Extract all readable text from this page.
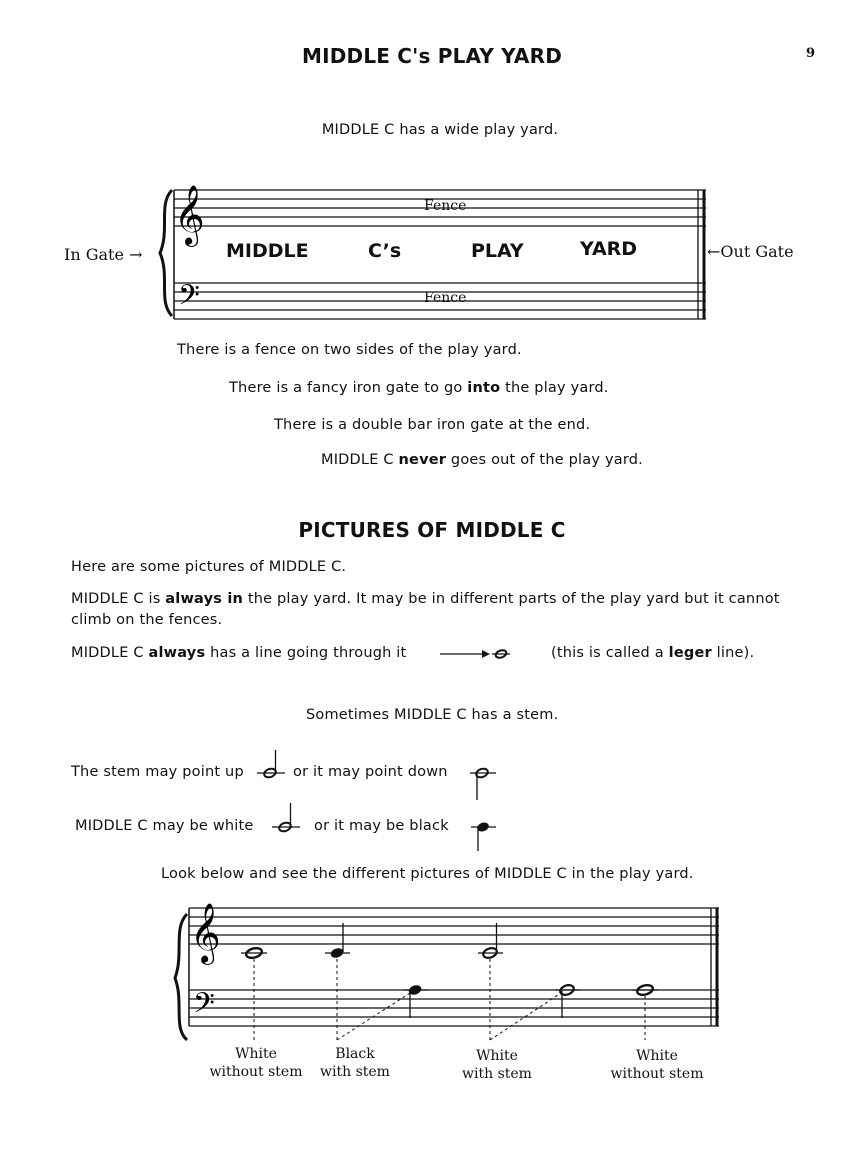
MIDDLE C's PLAY YARD	9
MIDDLE C has a wide play yard.
𝄞
𝄢
In Gate →	←Out Gate
Fence
Fence
MIDDLE	C’s	PLAY	YARD
There is a fence on two sides of the play yard.
There is a fancy iron gate to go into the play yard.
There is a double bar iron gate at the end.
MIDDLE C never goes out of the play yard.
PICTURES OF MIDDLE C
Here are some pictures of MIDDLE C.
MIDDLE C is always in the play yard. It may be in different parts of the play yard but it cannot
climb on the fences.
MIDDLE C always has a line going through it	(this is called a leger line).
Sometimes MIDDLE C has a stem.
The stem may point up	or it may point down
MIDDLE C may be white	or it may be black
Look below and see the different pictures of MIDDLE C in the play yard.
𝄞
𝄢
White
without stem
Black
with stem
White
with stem
White
without stem
